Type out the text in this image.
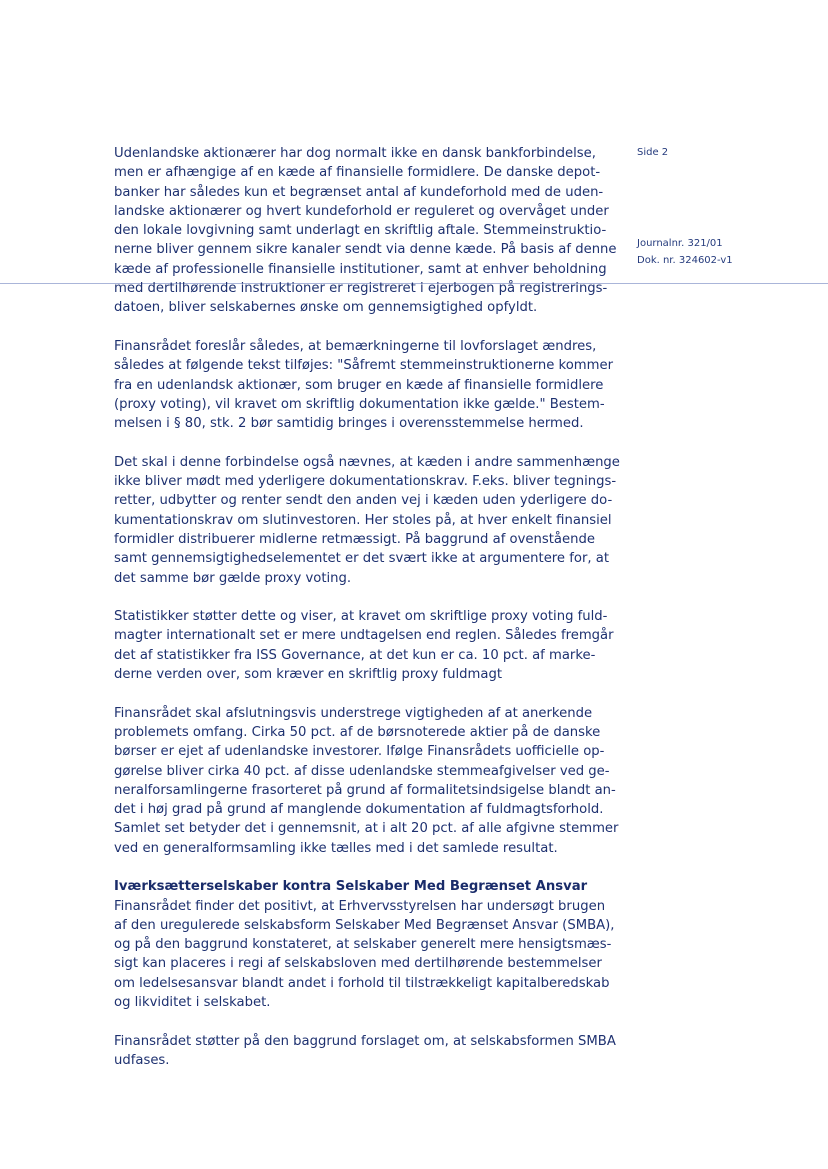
Side 2
Journalnr. 321/01
Dok. nr. 324602-v1

Udenlandske aktionærer har dog normalt ikke en dansk bankforbindelse,
men er afhængige af en kæde af finansielle formidlere. De danske depot-
banker har således kun et begrænset antal af kundeforhold med de uden-
landske aktionærer og hvert kundeforhold er reguleret og overvåget under
den lokale lovgivning samt underlagt en skriftlig aftale. Stemmeinstruktio-
nerne bliver gennem sikre kanaler sendt via denne kæde. På basis af denne
kæde af professionelle finansielle institutioner, samt at enhver beholdning
med dertilhørende instruktioner er registreret i ejerbogen på registrerings-
datoen, bliver selskabernes ønske om gennemsigtighed opfyldt.

Finansrådet foreslår således, at bemærkningerne til lovforslaget ændres,
således at følgende tekst tilføjes: "Såfremt stemmeinstruktionerne kommer
fra en udenlandsk aktionær, som bruger en kæde af finansielle formidlere
(proxy voting), vil kravet om skriftlig dokumentation ikke gælde." Bestem-
melsen i § 80, stk. 2 bør samtidig bringes i overensstemmelse hermed.

Det skal i denne forbindelse også nævnes, at kæden i andre sammenhænge
ikke bliver mødt med yderligere dokumentationskrav. F.eks. bliver tegnings-
retter, udbytter og renter sendt den anden vej i kæden uden yderligere do-
kumentationskrav om slutinvestoren. Her stoles på, at hver enkelt finansiel
formidler distribuerer midlerne retmæssigt. På baggrund af ovenstående
samt gennemsigtighedselementet er det svært ikke at argumentere for, at
det samme bør gælde proxy voting.

Statistikker støtter dette og viser, at kravet om skriftlige proxy voting fuld-
magter internationalt set er mere undtagelsen end reglen. Således fremgår
det af statistikker fra ISS Governance, at det kun er ca. 10 pct. af marke-
derne verden over, som kræver en skriftlig proxy fuldmagt

Finansrådet skal afslutningsvis understrege vigtigheden af at anerkende
problemets omfang. Cirka 50 pct. af de børsnoterede aktier på de danske
børser er ejet af udenlandske investorer. Ifølge Finansrådets uofficielle op-
gørelse bliver cirka 40 pct. af disse udenlandske stemmeafgivelser ved ge-
neralforsamlingerne frasorteret på grund af formalitetsindsigelse blandt an-
det i høj grad på grund af manglende dokumentation af fuldmagtsforhold.
Samlet set betyder det i gennemsnit, at i alt 20 pct. af alle afgivne stemmer
ved en generalformsamling ikke tælles med i det samlede resultat.

Iværksætterselskaber kontra Selskaber Med Begrænset Ansvar
Finansrådet finder det positivt, at Erhvervsstyrelsen har undersøgt brugen
af den uregulerede selskabsform Selskaber Med Begrænset Ansvar (SMBA),
og på den baggrund konstateret, at selskaber generelt mere hensigtsmæs-
sigt kan placeres i regi af selskabsloven med dertilhørende bestemmelser
om ledelsesansvar blandt andet i forhold til tilstrækkeligt kapitalberedskab
og likviditet i selskabet.

Finansrådet støtter på den baggrund forslaget om, at selskabsformen SMBA
udfases.
